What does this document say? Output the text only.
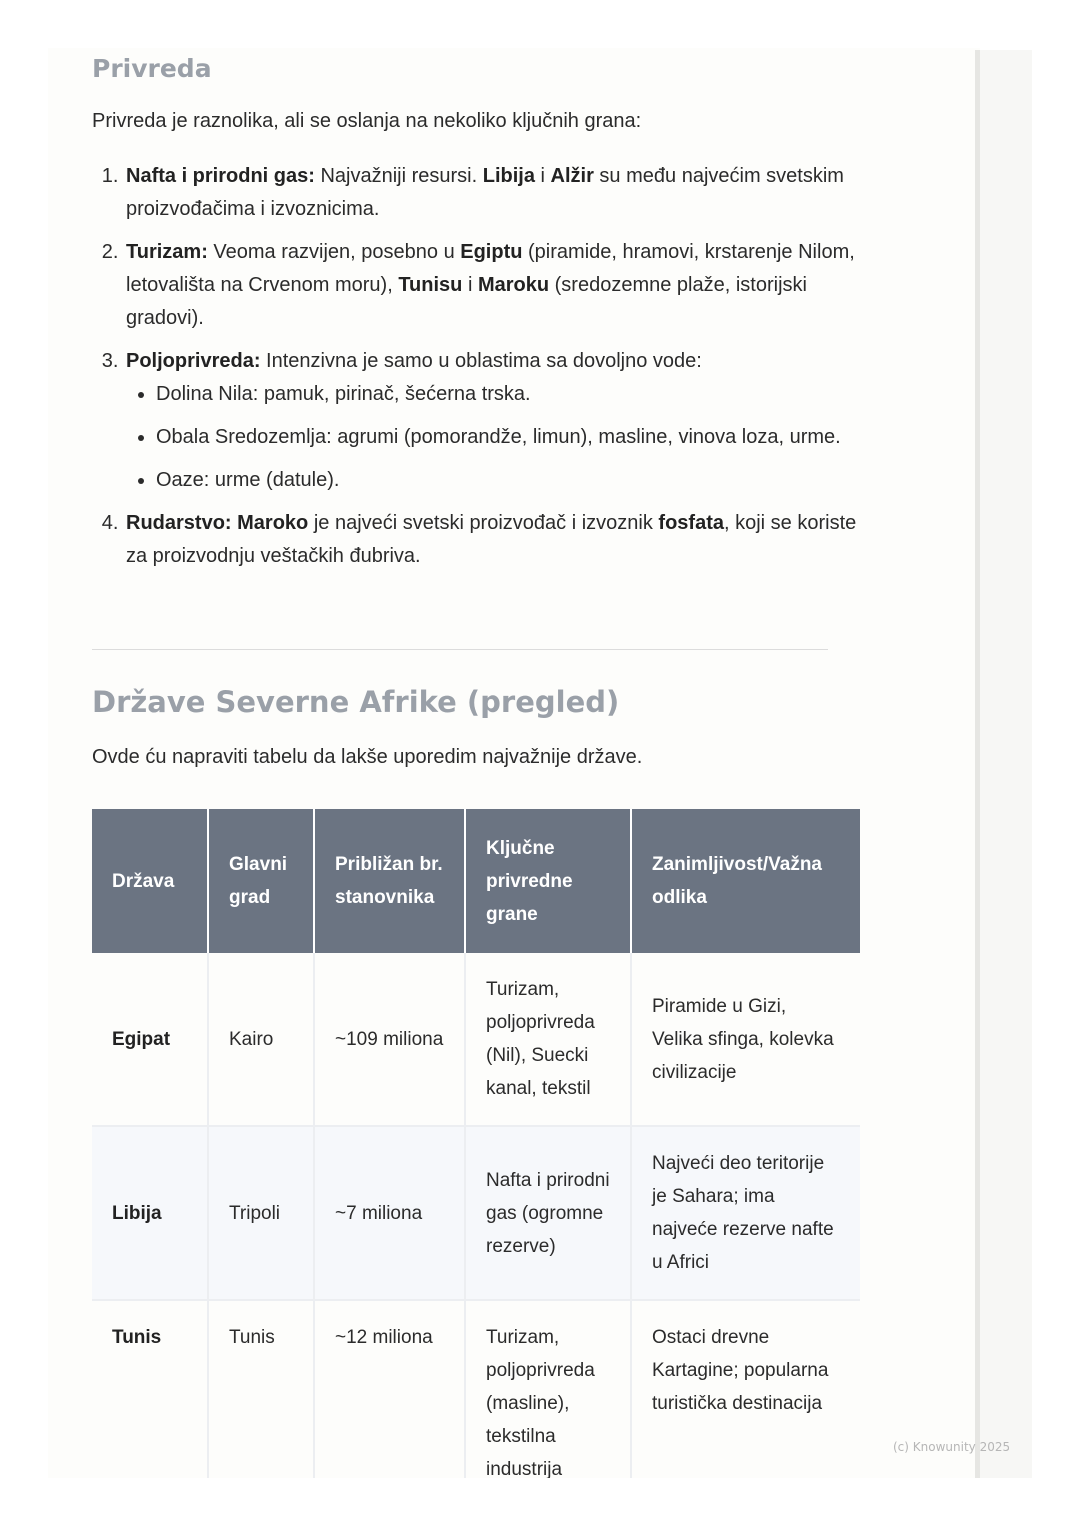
Privreda
Privreda je raznolika, ali se oslanja na nekoliko ključnih grana:
1. Nafta i prirodni gas: Najvažniji resursi. Libija i Alžir su među najvećim svetskim proizvođačima i izvoznicima.
2. Turizam: Veoma razvijen, posebno u Egiptu (piramide, hramovi, krstarenje Nilom, letovališta na Crvenom moru), Tunisu i Maroku (sredozemne plaže, istorijski gradovi).
3. Poljoprivreda: Intenzivna je samo u oblastima sa dovoljno vode:
• Dolina Nila: pamuk, pirinač, šećerna trska.
• Obala Sredozemlja: agrumi (pomorandže, limun), masline, vinova loza, urme.
• Oaze: urme (datule).
4. Rudarstvo: Maroko je najveći svetski proizvođač i izvoznik fosfata, koji se koriste za proizvodnju veštačkih đubriva.
Države Severne Afrike (pregled)
Ovde ću napraviti tabelu da lakše uporedim najvažnije države.
Država	Glavni grad	Približan br. stanovnika	Ključne privredne grane	Zanimljivost/Važna odlika
Egipat	Kairo	~109 miliona	Turizam, poljoprivreda (Nil), Suecki kanal, tekstil	Piramide u Gizi, Velika sfinga, kolevka civilizacije
Libija	Tripoli	~7 miliona	Nafta i prirodni gas (ogromne rezerve)	Najveći deo teritorije je Sahara; ima najveće rezerve nafte u Africi
Tunis	Tunis	~12 miliona	Turizam, poljoprivreda (masline), tekstilna industrija	Ostaci drevne Kartagine; popularna turistička destinacija
(c) Knowunity 2025
